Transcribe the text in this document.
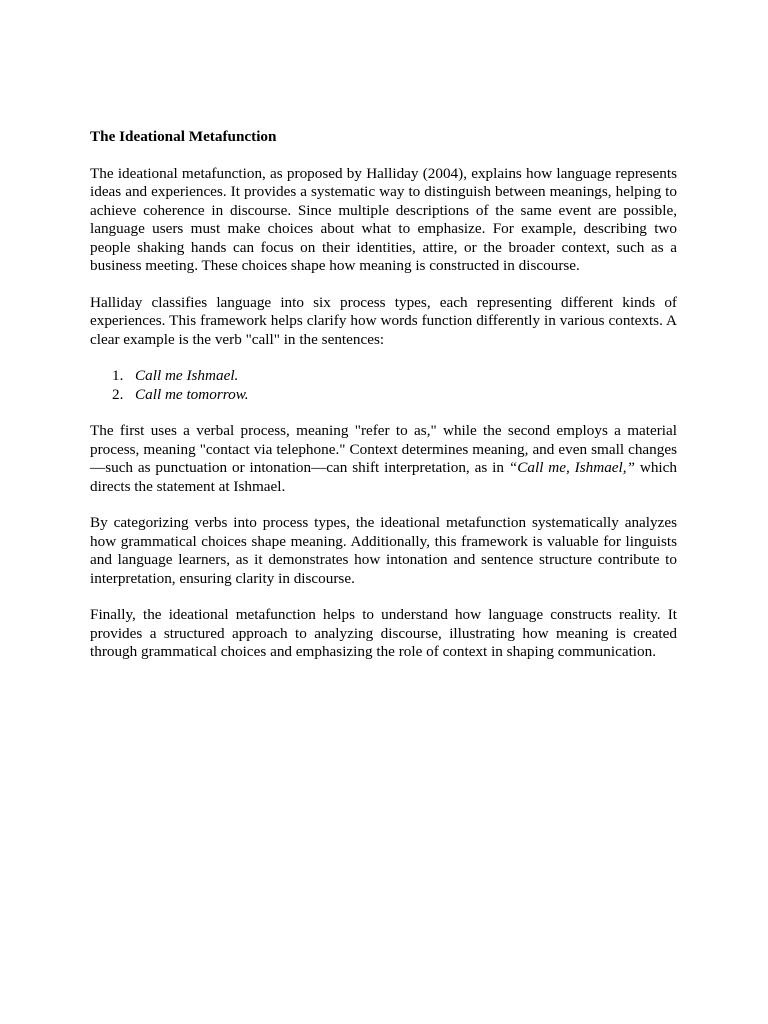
The Ideational Metafunction

The ideational metafunction, as proposed by Halliday (2004), explains how language represents ideas and experiences. It provides a systematic way to distinguish between meanings, helping to achieve coherence in discourse. Since multiple descriptions of the same event are possible, language users must make choices about what to emphasize. For example, describing two people shaking hands can focus on their identities, attire, or the broader context, such as a business meeting. These choices shape how meaning is constructed in discourse.

Halliday classifies language into six process types, each representing different kinds of experiences. This framework helps clarify how words function differently in various contexts. A clear example is the verb "call" in the sentences:

1. Call me Ishmael.
2. Call me tomorrow.

The first uses a verbal process, meaning "refer to as," while the second employs a material process, meaning "contact via telephone." Context determines meaning, and even small changes —such as punctuation or intonation—can shift interpretation, as in “Call me, Ishmael,” which directs the statement at Ishmael.

By categorizing verbs into process types, the ideational metafunction systematically analyzes how grammatical choices shape meaning. Additionally, this framework is valuable for linguists and language learners, as it demonstrates how intonation and sentence structure contribute to interpretation, ensuring clarity in discourse.

Finally, the ideational metafunction helps to understand how language constructs reality. It provides a structured approach to analyzing discourse, illustrating how meaning is created through grammatical choices and emphasizing the role of context in shaping communication.
